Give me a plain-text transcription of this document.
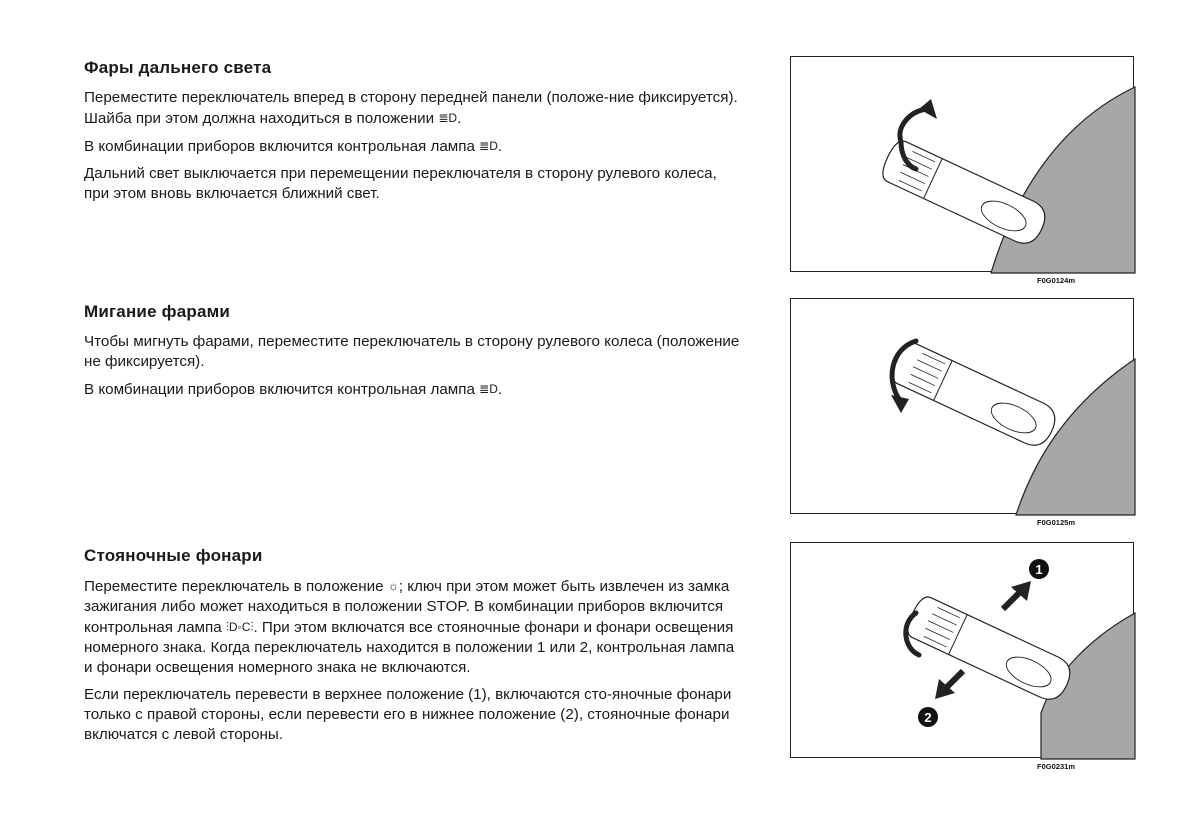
Фары дальнего света

Переместите переключатель вперед в сторону передней панели (положе-ние фиксируется). Шайба при этом должна находиться в положении ≣D.

В комбинации приборов включится контрольная лампа ≣D.

Дальний свет выключается при перемещении переключателя в сторону рулевого колеса, при этом вновь включается ближний свет.

Мигание фарами

Чтобы мигнуть фарами, переместите переключатель в сторону рулевого колеса (положение не фиксируется).

В комбинации приборов включится контрольная лампа ≣D.

Стояночные фонари

Переместите переключатель в положение ☼; ключ при этом может быть извлечен из замка зажигания либо может находиться в положении STOP. В комбинации приборов включится контрольная лампа ⫶D◦C⫶. При этом включатся все стояночные фонари и фонари освещения номерного знака. Когда переключатель находится в положении 1 или 2, контрольная лампа и фонари освещения номерного знака не включаются.

Если переключатель перевести в верхнее положение (1), включаются сто-яночные фонари только с правой стороны, если перевести его в нижнее положение (2), стояночные фонари включатся с левой стороны.

F0G0124m
F0G0125m
1
2
F0G0231m
